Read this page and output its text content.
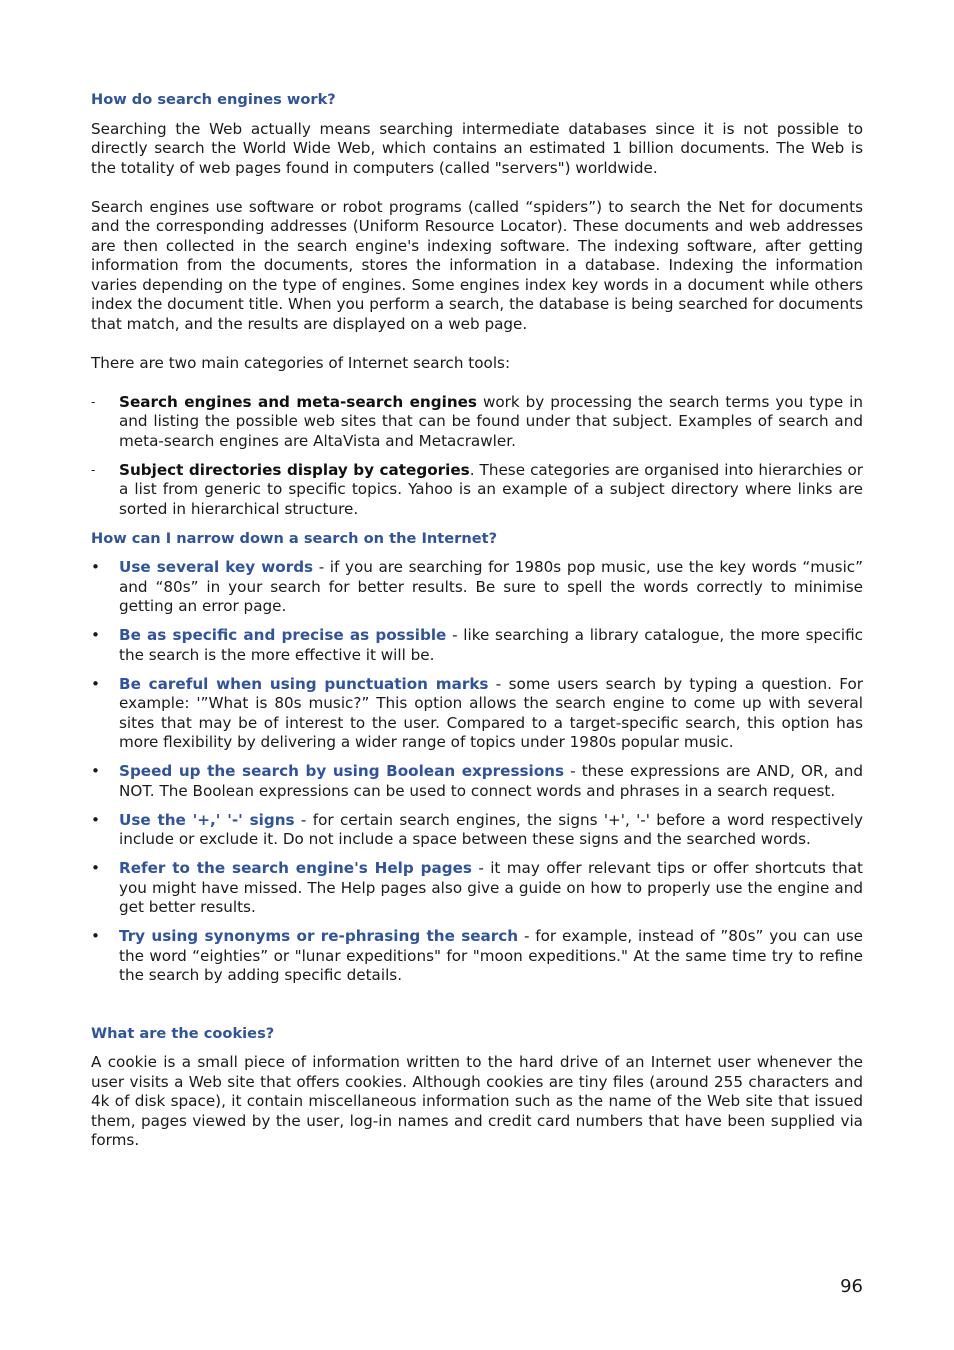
How do search engines work?

Searching the Web actually means searching intermediate databases since it is not possible to directly search the World Wide Web, which contains an estimated 1 billion documents. The Web is the totality of web pages found in computers (called "servers") worldwide.

Search engines use software or robot programs (called “spiders”) to search the Net for documents and the corresponding addresses (Uniform Resource Locator). These documents and web addresses are then collected in the search engine's indexing software. The indexing software, after getting information from the documents, stores the information in a database. Indexing the information varies depending on the type of engines. Some engines index key words in a document while others index the document title. When you perform a search, the database is being searched for documents that match, and the results are displayed on a web page.

There are two main categories of Internet search tools:

- Search engines and meta-search engines work by processing the search terms you type in and listing the possible web sites that can be found under that subject. Examples of search and meta-search engines are AltaVista and Metacrawler.
- Subject directories display by categories. These categories are organised into hierarchies or a list from generic to specific topics. Yahoo is an example of a subject directory where links are sorted in hierarchical structure.
How can I narrow down a search on the Internet?
•
Use several key words - if you are searching for 1980s pop music, use the key words “music” and “80s” in your search for better results. Be sure to spell the words correctly to minimise getting an error page.
•
Be as specific and precise as possible - like searching a library catalogue, the more specific the search is the more effective it will be.
•
Be careful when using punctuation marks - some users search by typing a question. For example: '”What is 80s music?” This option allows the search engine to come up with several sites that may be of interest to the user. Compared to a target-specific search, this option has more flexibility by delivering a wider range of topics under 1980s popular music.
•
Speed up the search by using Boolean expressions - these expressions are AND, OR, and NOT. The Boolean expressions can be used to connect words and phrases in a search request.
•
Use the '+,' '-' signs - for certain search engines, the signs '+', '-' before a word respectively include or exclude it. Do not include a space between these signs and the searched words.
•
Refer to the search engine's Help pages - it may offer relevant tips or offer shortcuts that you might have missed. The Help pages also give a guide on how to properly use the engine and get better results.
•
Try using synonyms or re-phrasing the search - for example, instead of ”80s” you can use the word “eighties” or "lunar expeditions" for "moon expeditions." At the same time try to refine the search by adding specific details.
What are the cookies?

A cookie is a small piece of information written to the hard drive of an Internet user whenever the user visits a Web site that offers cookies. Although cookies are tiny files (around 255 characters and 4k of disk space), it contain miscellaneous information such as the name of the Web site that issued them, pages viewed by the user, log-in names and credit card numbers that have been supplied via forms.

96
